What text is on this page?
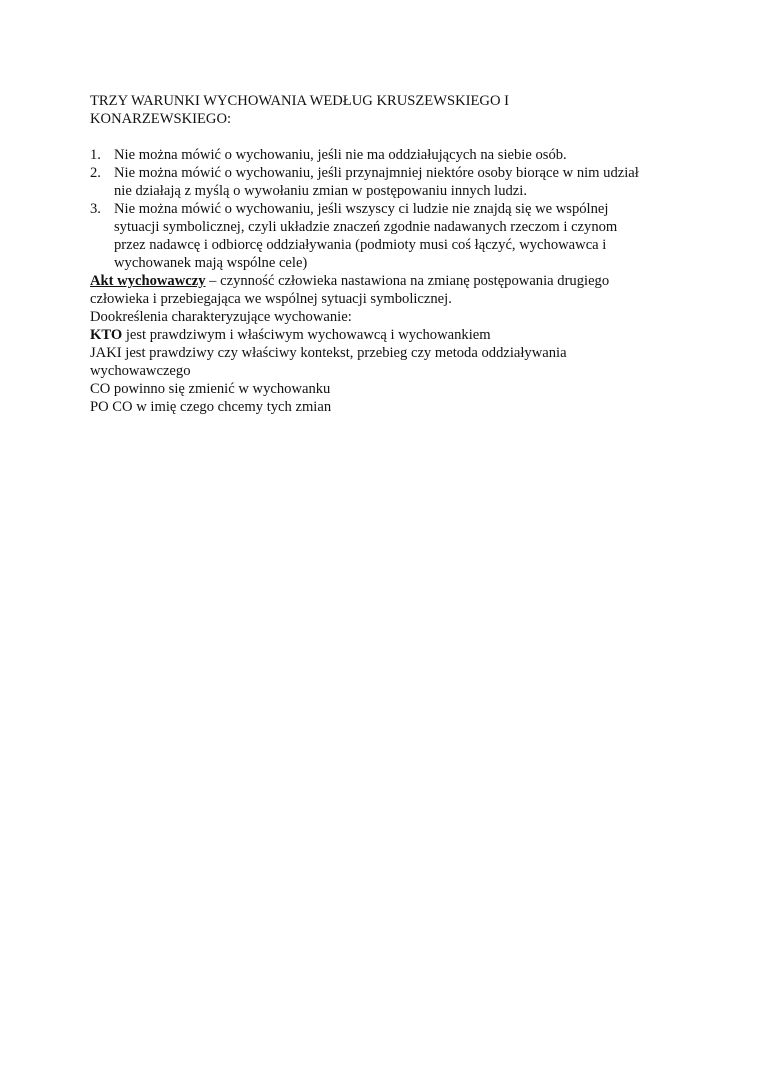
TRZY WARUNKI WYCHOWANIA WEDŁUG KRUSZEWSKIEGO I
KONARZEWSKIEGO:
1. Nie można mówić o wychowaniu, jeśli nie ma oddziałujących na siebie osób.
2. Nie można mówić o wychowaniu, jeśli przynajmniej niektóre osoby biorące w nim udział
nie działają z myślą o wywołaniu zmian w postępowaniu innych ludzi.
3. Nie można mówić o wychowaniu, jeśli wszyscy ci ludzie nie znajdą się we wspólnej
sytuacji symbolicznej, czyli układzie znaczeń zgodnie nadawanych rzeczom i czynom
przez nadawcę i odbiorcę oddziaływania (podmioty musi coś łączyć, wychowawca i
wychowanek mają wspólne cele)

Akt wychowawczy – czynność człowieka nastawiona na zmianę postępowania drugiego

człowieka i przebiegająca we wspólnej sytuacji symbolicznej.

Dookreślenia charakteryzujące wychowanie:

KTO jest prawdziwym i właściwym wychowawcą i wychowankiem

JAKI jest prawdziwy czy właściwy kontekst, przebieg czy metoda oddziaływania

wychowawczego

CO powinno się zmienić w wychowanku

PO CO w imię czego chcemy tych zmian
